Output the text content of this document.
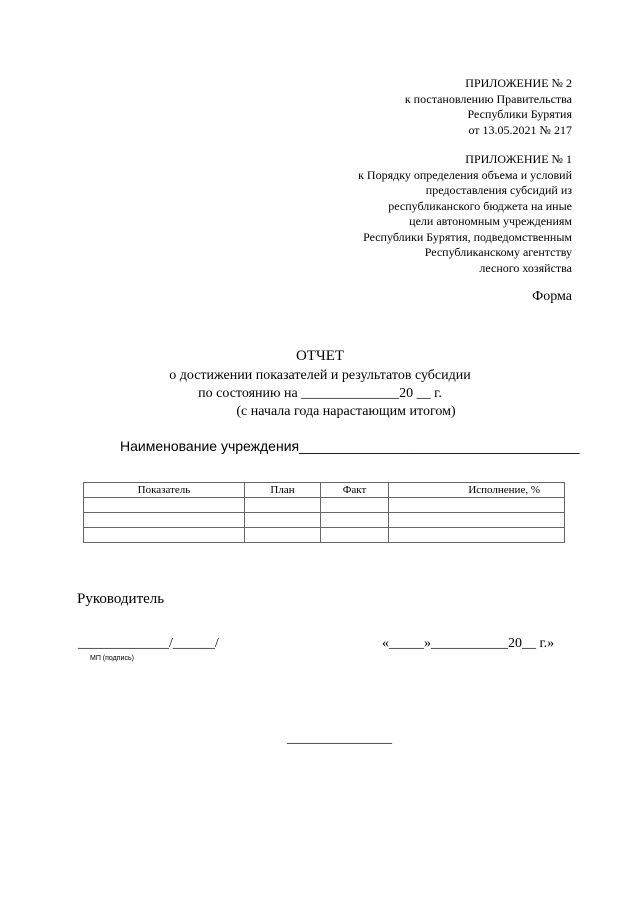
ПРИЛОЖЕНИЕ № 2
к постановлению Правительства
Республики Бурятия
от 13.05.2021 № 217
ПРИЛОЖЕНИЕ № 1
к Порядку определения объема и условий
предоставления субсидий из
республиканского бюджета на иные
цели автономным учреждениям
Республики Бурятия, подведомственным
Республиканскому агентству
лесного хозяйства
Форма
ОТЧЕТ
о достижении показателей и результатов субсидии
по состоянию на ______________20 __ г.
(с начала года нарастающим итогом)
Наименование учреждения____________________________________
Показатель	План	Факт	Исполнение, %

Руководитель
_____________/______/
МП (подпись)
«_____»___________20__ г.»
_______________
